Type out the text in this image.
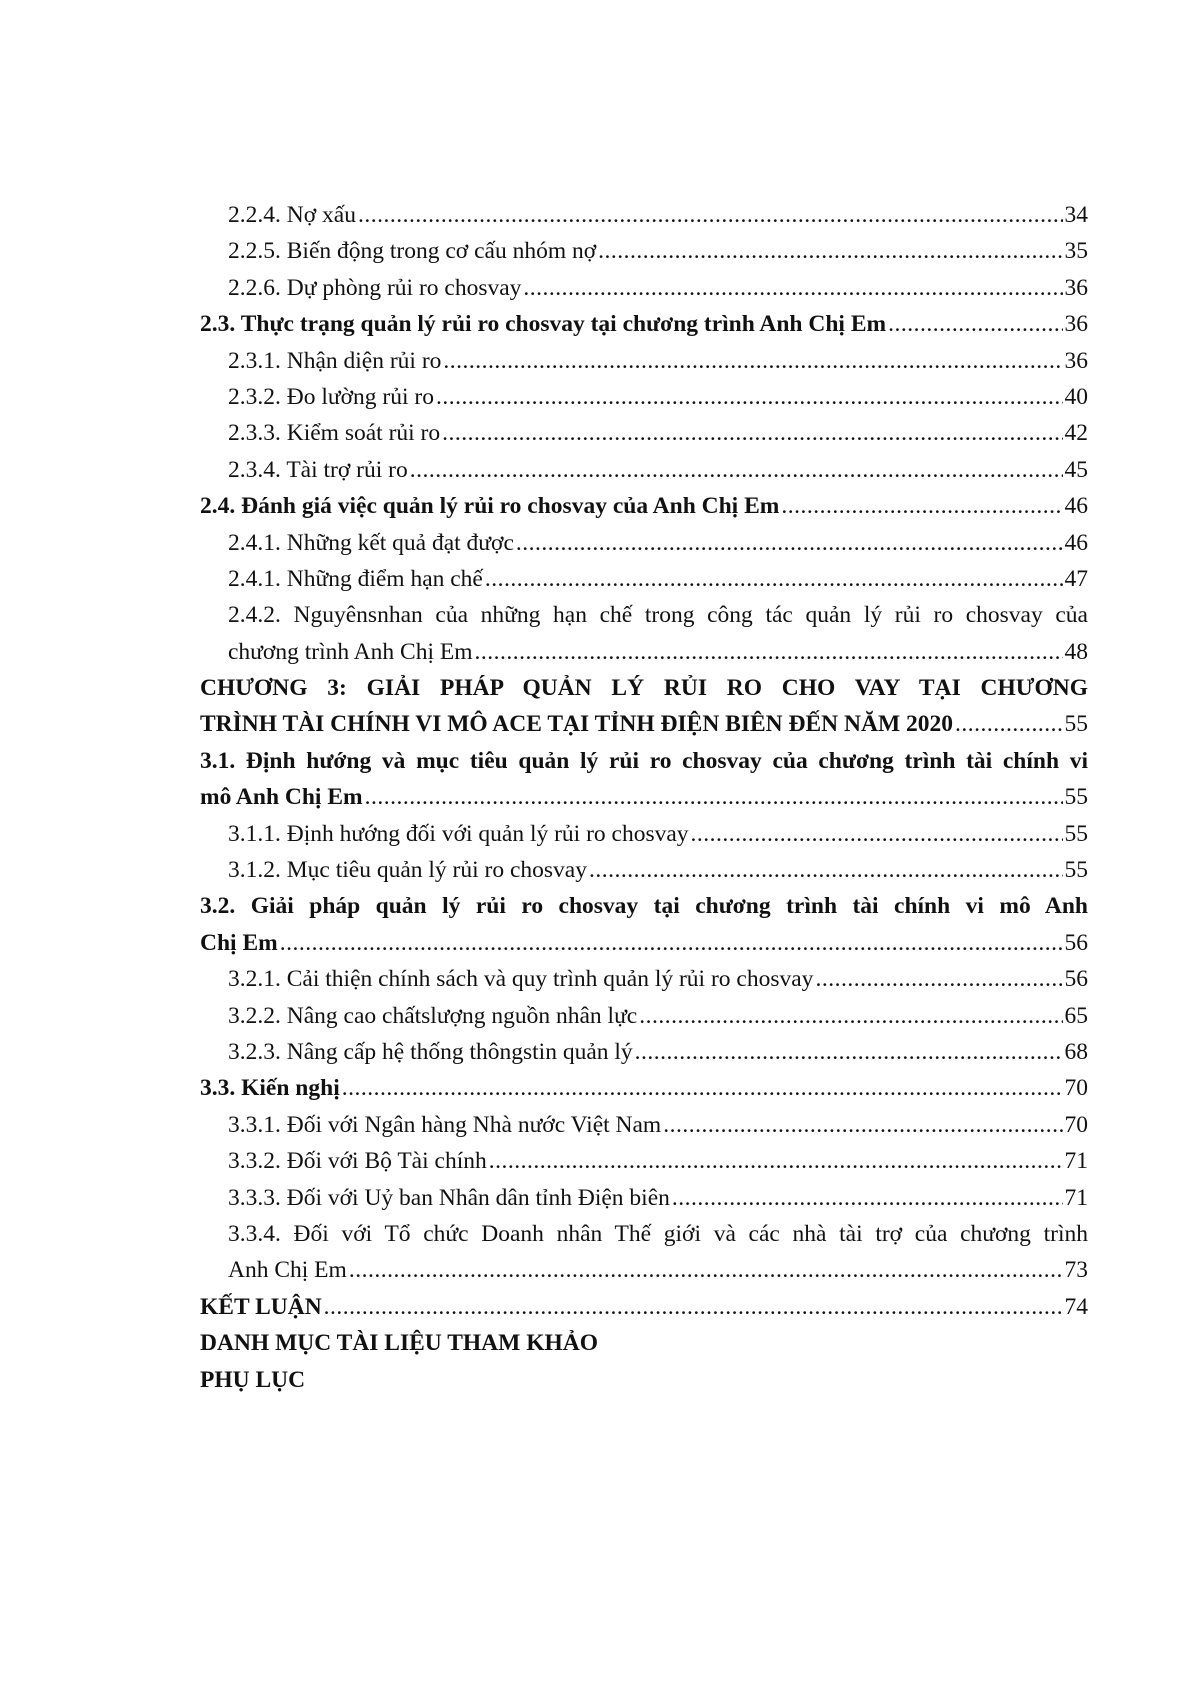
2.2.4. Nợ xấu .....	34
2.2.5. Biến động trong cơ cấu nhóm nợ .....	35
2.2.6. Dự phòng rủi ro chosvay .....	36
2.3. Thực trạng quản lý rủi ro chosvay tại chương trình Anh Chị Em .....	36
2.3.1. Nhận diện rủi ro .....	36
2.3.2. Đo lường rủi ro .....	40
2.3.3. Kiểm soát rủi ro .....	42
2.3.4. Tài trợ rủi ro .....	45
2.4. Đánh giá việc quản lý rủi ro chosvay của Anh Chị Em .....	46
2.4.1. Những kết quả đạt được .....	46
2.4.1. Những điểm hạn chế .....	47
2.4.2. Nguyênsnhan của những hạn chế trong công tác quản lý rủi ro chosvay của
chương trình Anh Chị Em .....	48
CHƯƠNG 3: GIẢI PHÁP QUẢN LÝ RỦI RO CHO VAY TẠI CHƯƠNG
TRÌNH TÀI CHÍNH VI MÔ ACE TẠI TỈNH ĐIỆN BIÊN ĐẾN NĂM 2020 .....	55
3.1. Định hướng và mục tiêu quản lý rủi ro chosvay của chương trình tài chính vi
mô Anh Chị Em .....	55
3.1.1. Định hướng đối với quản lý rủi ro chosvay .....	55
3.1.2. Mục tiêu quản lý rủi ro chosvay .....	55
3.2. Giải pháp quản lý rủi ro chosvay tại chương trình tài chính vi mô Anh
Chị Em .....	56
3.2.1. Cải thiện chính sách và quy trình quản lý rủi ro chosvay .....	56
3.2.2. Nâng cao chấtslượng nguồn nhân lực .....	65
3.2.3. Nâng cấp hệ thống thôngstin quản lý .....	68
3.3. Kiến nghị .....	70
3.3.1. Đối với Ngân hàng Nhà nước Việt Nam .....	70
3.3.2. Đối với Bộ Tài chính .....	71
3.3.3. Đối với Uỷ ban Nhân dân tỉnh Điện biên .....	71
3.3.4. Đối với Tổ chức Doanh nhân Thế giới và các nhà tài trợ của chương trình
Anh Chị Em .....	73
KẾT LUẬN .....	74
DANH MỤC TÀI LIỆU THAM KHẢO
PHỤ LỤC
